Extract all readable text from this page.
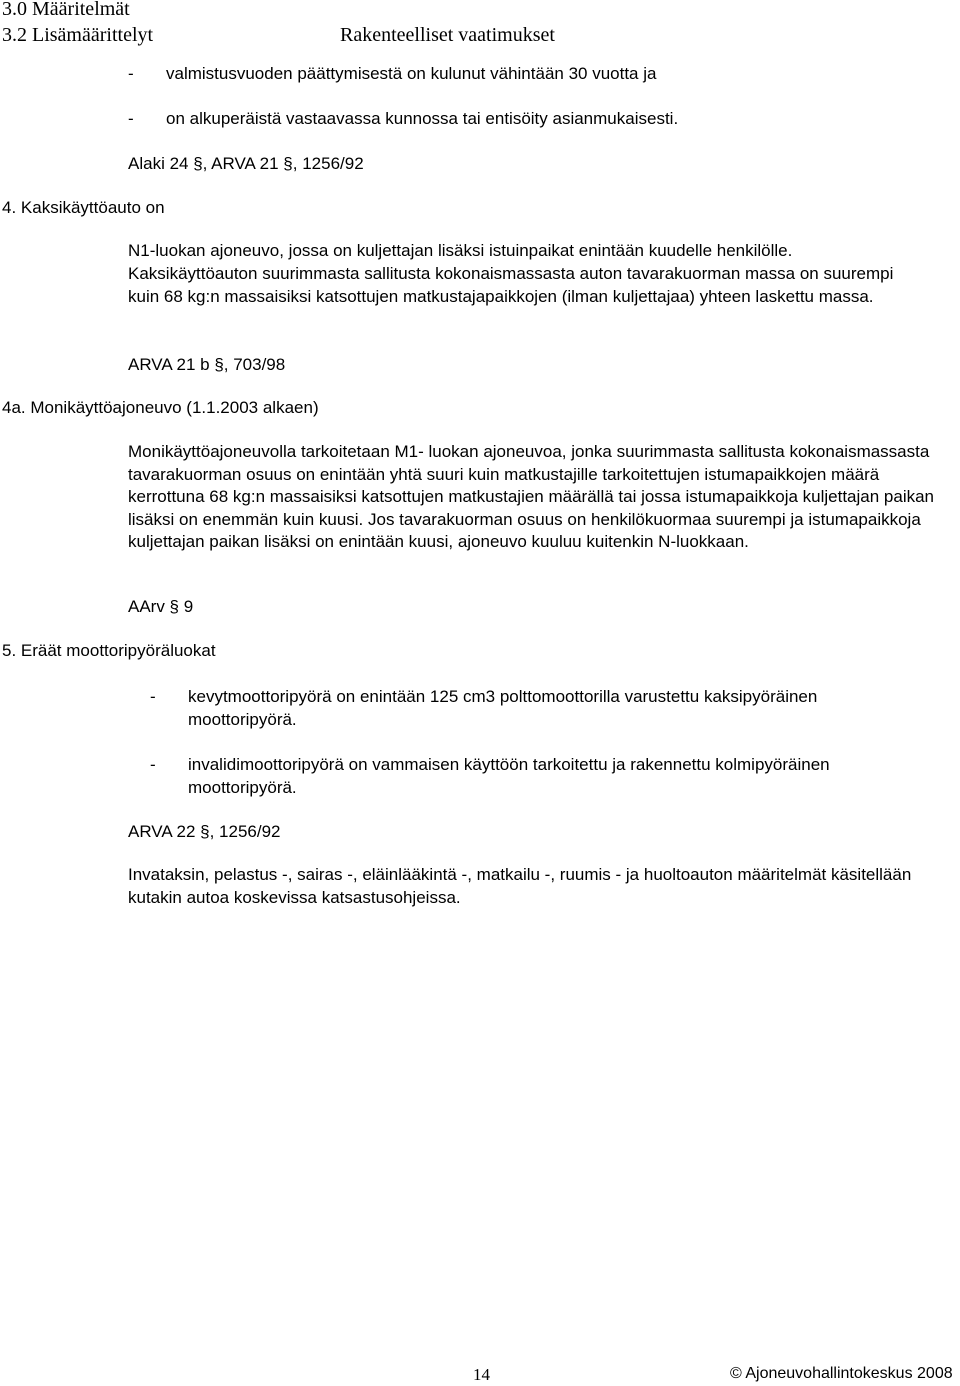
3.0 Määritelmät
3.2 Lisämäärittelyt	Rakenteelliset vaatimukset
- valmistusvuoden päättymisestä on kulunut vähintään 30 vuotta ja
- on alkuperäistä vastaavassa kunnossa tai entisöity asianmukaisesti.
Alaki 24 §, ARVA 21 §, 1256/92
4. Kaksikäyttöauto on
N1-luokan ajoneuvo, jossa on kuljettajan lisäksi istuinpaikat enintään kuudelle henkilölle.
Kaksikäyttöauton suurimmasta sallitusta kokonaismassasta auton tavarakuorman massa on suurempi kuin 68 kg:n massaisiksi katsottujen matkustajapaikkojen (ilman kuljettajaa) yhteen laskettu massa.
ARVA 21 b §, 703/98
4a. Monikäyttöajoneuvo (1.1.2003 alkaen)
Monikäyttöajoneuvolla tarkoitetaan M1- luokan ajoneuvoa, jonka suurimmasta sallitusta kokonaismassasta tavarakuorman osuus on enintään yhtä suuri kuin matkustajille tarkoitettujen istumapaikkojen määrä kerrottuna 68 kg:n massaisiksi katsottujen matkustajien määrällä tai jossa istumapaikkoja kuljettajan paikan lisäksi on enemmän kuin kuusi. Jos tavarakuorman osuus on henkilökuormaa suurempi ja istumapaikkoja kuljettajan paikan lisäksi on enintään kuusi, ajoneuvo kuuluu kuitenkin N-luokkaan.
AArv § 9
5. Eräät moottoripyöräluokat
- kevytmoottoripyörä on enintään 125 cm3 polttomoottorilla varustettu kaksipyöräinen moottoripyörä.
- invalidimoottoripyörä on vammaisen käyttöön tarkoitettu ja rakennettu kolmipyöräinen moottoripyörä.
ARVA 22 §, 1256/92
Invataksin, pelastus -, sairas -, eläinlääkintä -, matkailu -, ruumis - ja huoltoauton määritelmät käsitellään kutakin autoa koskevissa katsastusohjeissa.
14	© Ajoneuvohallintokeskus 2008
